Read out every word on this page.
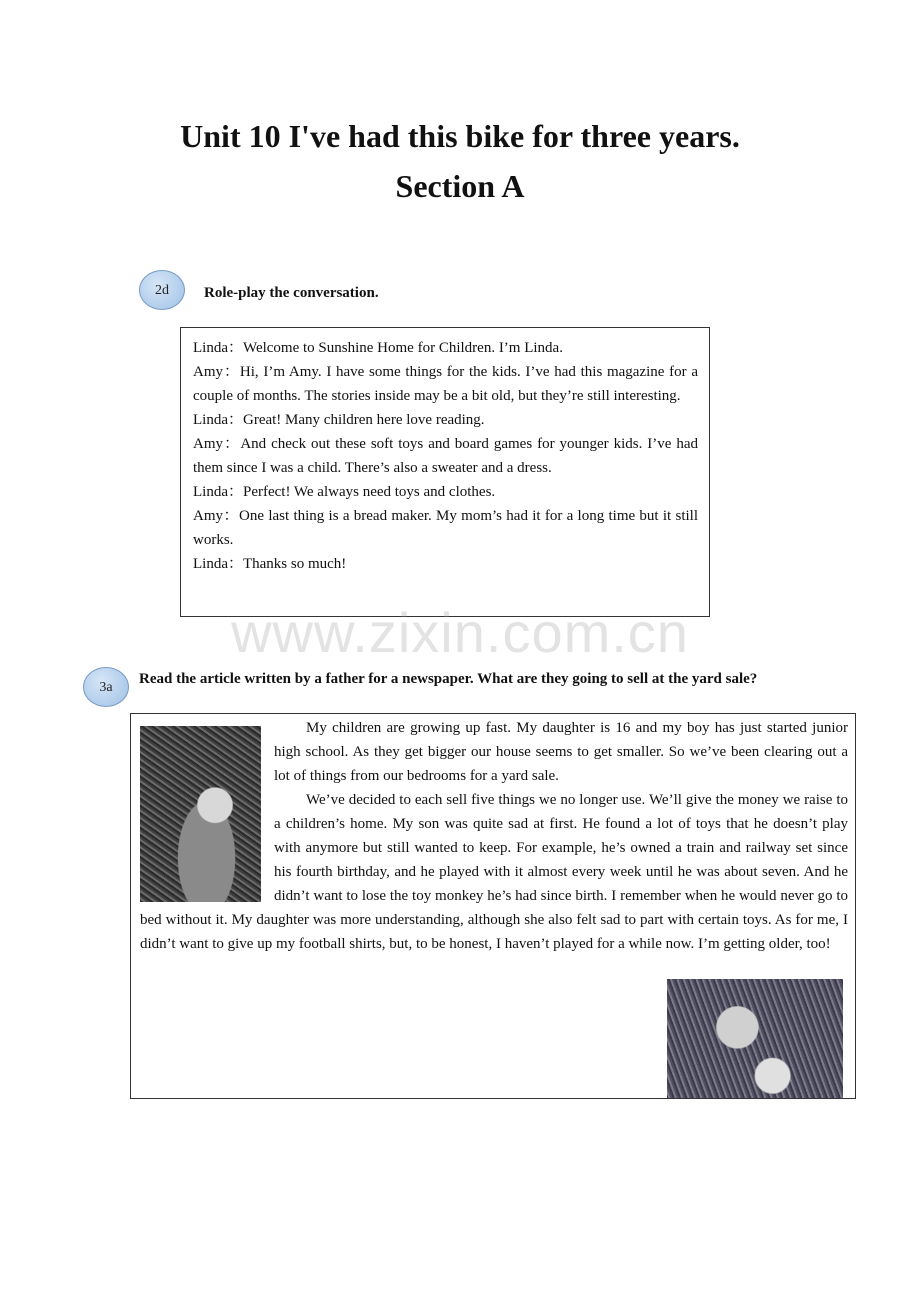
Unit 10 I've had this bike for three years.
Section A
2d	Role-play the conversation.

Linda：Welcome to Sunshine Home for Children. I’m Linda.

Amy：Hi, I’m Amy. I have some things for the kids. I’ve had this magazine for a couple of months. The stories inside may be a bit old, but they’re still interesting.

Linda：Great! Many children here love reading.

Amy：And check out these soft toys and board games for younger kids. I’ve had them since I was a child. There’s also a sweater and a dress.

Linda：Perfect! We always need toys and clothes.

Amy：One last thing is a bread maker. My mom’s had it for a long time but it still works.

Linda：Thanks so much!

www.zixin.com.cn
3a
Read the article written by a father for a newspaper. What are they going to sell at the yard sale?

My children are growing up fast. My daughter is 16 and my boy has just started junior high school. As they get bigger our house seems to get smaller. So we’ve been clearing out a lot of things from our bedrooms for a yard sale.

We’ve decided to each sell five things we no longer use. We’ll give the money we raise to a children’s home. My son was quite sad at first. He found a lot of toys that he doesn’t play with anymore but still wanted to keep. For example, he’s owned a train and railway set since his fourth birthday, and he played with it almost every week until he was about seven. And he didn’t want to lose the toy monkey he’s had since birth. I remember when he would never go to bed without it. My daughter was more understanding, although she also felt sad to part with certain toys. As for me, I didn’t want to give up my football shirts, but, to be honest, I haven’t played for a while now. I’m getting older, too!
